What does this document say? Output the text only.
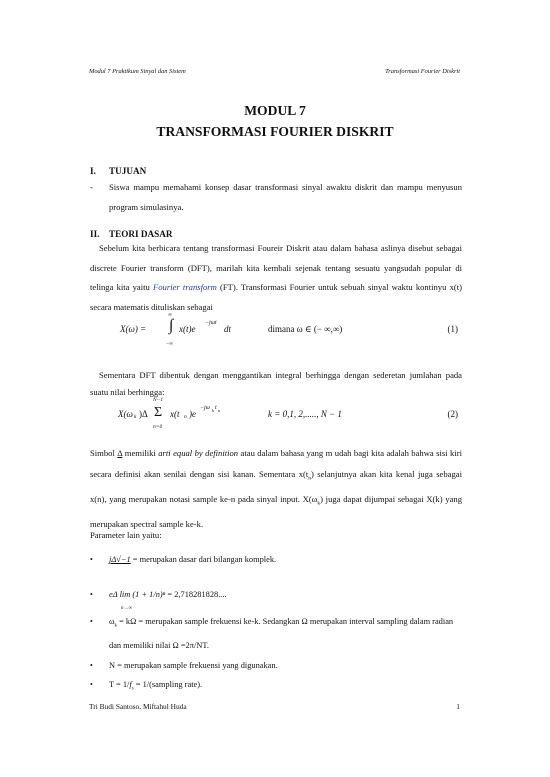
Modul 7 Praktikum Sinyal dan Sistem	Transformasi Fourier Diskrit
MODUL 7
TRANSFORMASI FOURIER DISKRIT
I. TUJUAN
-	Siswa mampu memahami konsep dasar transformasi sinyal awaktu diskrit dan mampu menyusun program simulasinya.
II. TEORI DASAR

Sebelum kita berbicara tentang transformasi Foureir Diskrit atau dalam bahasa aslinya disebut sebagai discrete Fourier transform (DFT), marilah kita kembali sejenak tentang sesuatu yangsudah popular di telinga kita yaitu Fourier transform (FT). Transformasi Fourier untuk sebuah sinyal waktu kontinyu x(t) secara matematis dituliskan sebagai

X(ω) = ∫
∞
−∞
x(t)e
−jωt
dt	dimana ω ∈ (− ∞,∞)	(1)

Sementara DFT dibentuk dengan menggantikan integral berhingga dengan sederetan jumlahan pada suatu nilai berhingga:

X(ω k )Δ Σ
N−1
n=0
x(t n )e
−jω k t n	k = 0,1, 2,....., N − 1	(2)

Simbol Δ memiliki arti equal by definition atau dalam bahasa yang m udah bagi kita adalah bahwa sisi kiri secara definisi akan senilai dengan sisi kanan. Sementara $x(t_n)$ selanjutnya akan kita kenal juga sebagai x(n), yang merupakan notasi sample ke-n pada sinyal input. $X(\omega_k)$ juga dapat dijumpai sebagai X(k) yang merupakan spectral sample ke-k.

Parameter lain yaitu:

•	jΔ√−1 = merupakan dasar dari bilangan komplek.
•	eΔ lim (1 + 1/n)ⁿ
n→∞
= 2,718281828....
•	$\omega_k = k\Omega$ = merupakan sample frekuensi ke-k. Sedangkan Ω merupakan interval sampling dalam radian dan memiliki nilai Ω =2π/NT.
•	N = merupakan sample frekuensi yang digunakan.
•	$T = 1/f_s$ = 1/(sampling rate).
Tri Budi Santoso, Miftahul Huda	1
